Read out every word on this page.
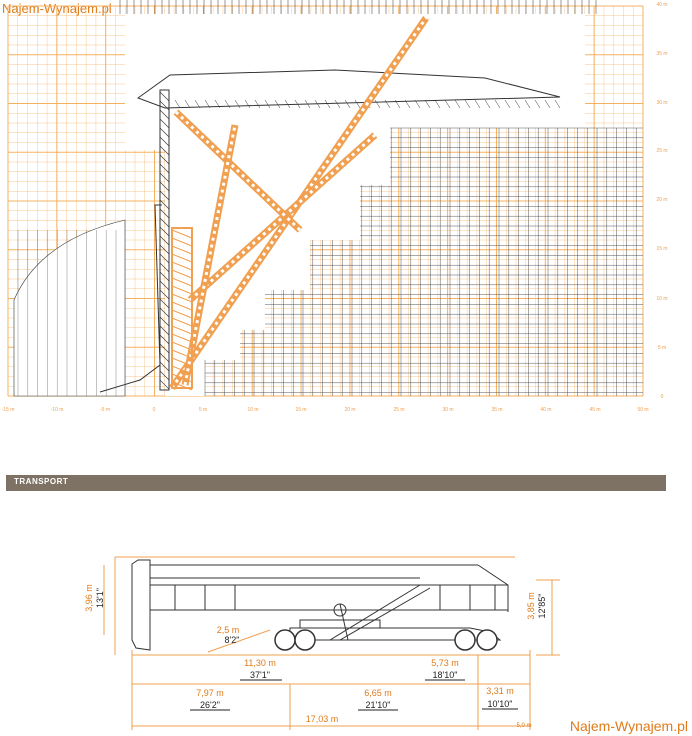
Najem-Wynajem.pl
-15 m	-10 m	-5 m	0	5 m	10 m	15 m	20 m	25 m	30 m	35 m	40 m	45 m	50 m
0
5 m
10 m
15 m
20 m
25 m
30 m
35 m
40 m
TRANSPORT
3,96 m 13'1"	3,85 m 12'85"
2,5 m
8'2"
11,30 m
37'1"
5,73 m
18'10"
7,97 m
26'2"
6,65 m
21'10"
3,31 m
10'10"
17,03 m
5,0 m	Najem-Wynajem.pl
